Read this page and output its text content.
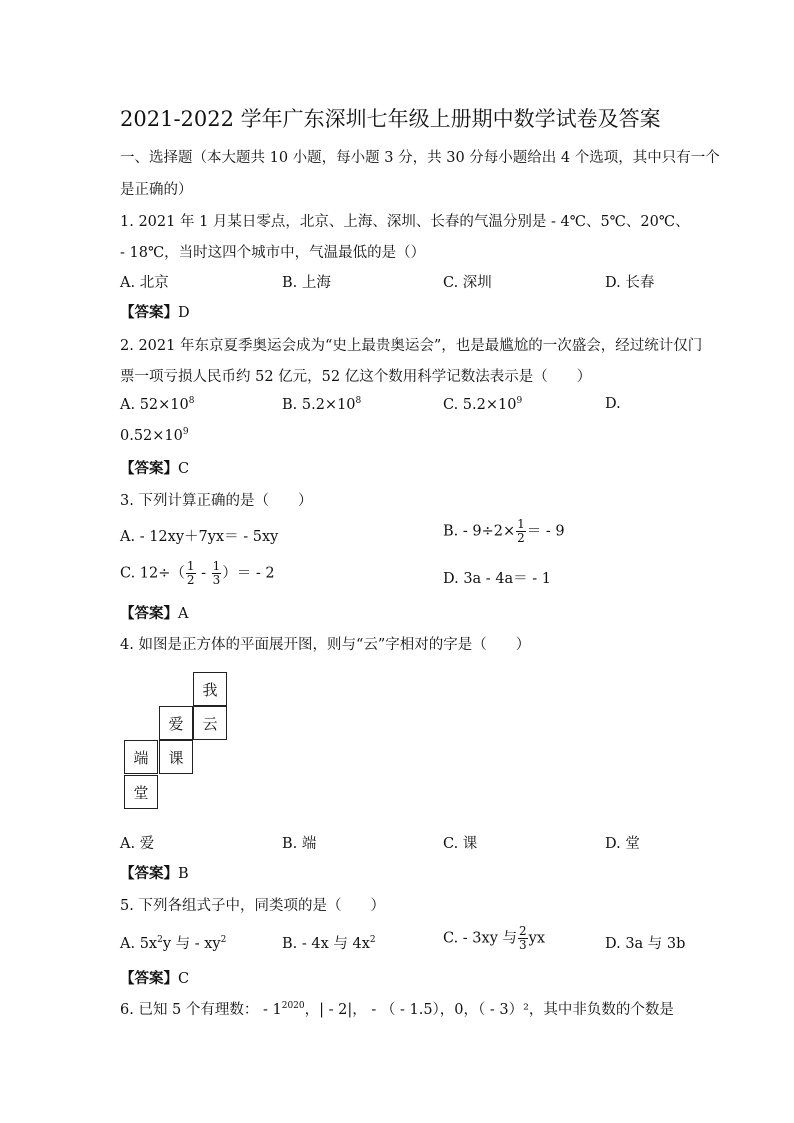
2021-2022 学年广东深圳七年级上册期中数学试卷及答案
一、选择题（本大题共 10 小题，每小题 3 分，共 30 分每小题给出 4 个选项，其中只有一个
是正确的）
1. 2021 年 1 月某日零点，北京、上海、深圳、长春的气温分别是 - 4℃、5℃、20℃、
- 18℃，当时这四个城市中，气温最低的是（）
A. 北京	B. 上海	C. 深圳	D. 长春
【答案】D
2. 2021 年东京夏季奥运会成为“史上最贵奥运会”，也是最尴尬的一次盛会，经过统计仅门
票一项亏损人民币约 52 亿元，52 亿这个数用科学记数法表示是（　　）
A. $52\times 10^8$	B. $5.2\times 10^8$	C. $5.2\times 10^9$	D.
$0.52\times 10^9$
【答案】C
3. 下列计算正确的是（　　）
A. - 12xy＋7yx＝ - 5xy	B. - $9\div 2\times \frac{1}{2}$ ＝ - 9
C. $12\div( \frac{1}{2} - \frac{1}{3}$ ）＝ - 2	D. 3a - 4a＝ - 1
【答案】A
4. 如图是正方体的平面展开图，则与“云”字相对的字是（　　）
我
爱	云
端	课
堂
A. 爱	B. 端	C. 课	D. 堂
【答案】B
5. 下列各组式子中，同类项的是（　　）
A. $5x^2y$ 与 - $xy^2$	B. - 4x 与 $4x^2$	C. - 3xy 与 $\frac{2}{3}$ yx	D. 3a 与 3b
【答案】C
6. 已知 5 个有理数： - $1^{2020}$，| - 2|， - （ - 1.5），0，（ - 3）²，其中非负数的个数是
